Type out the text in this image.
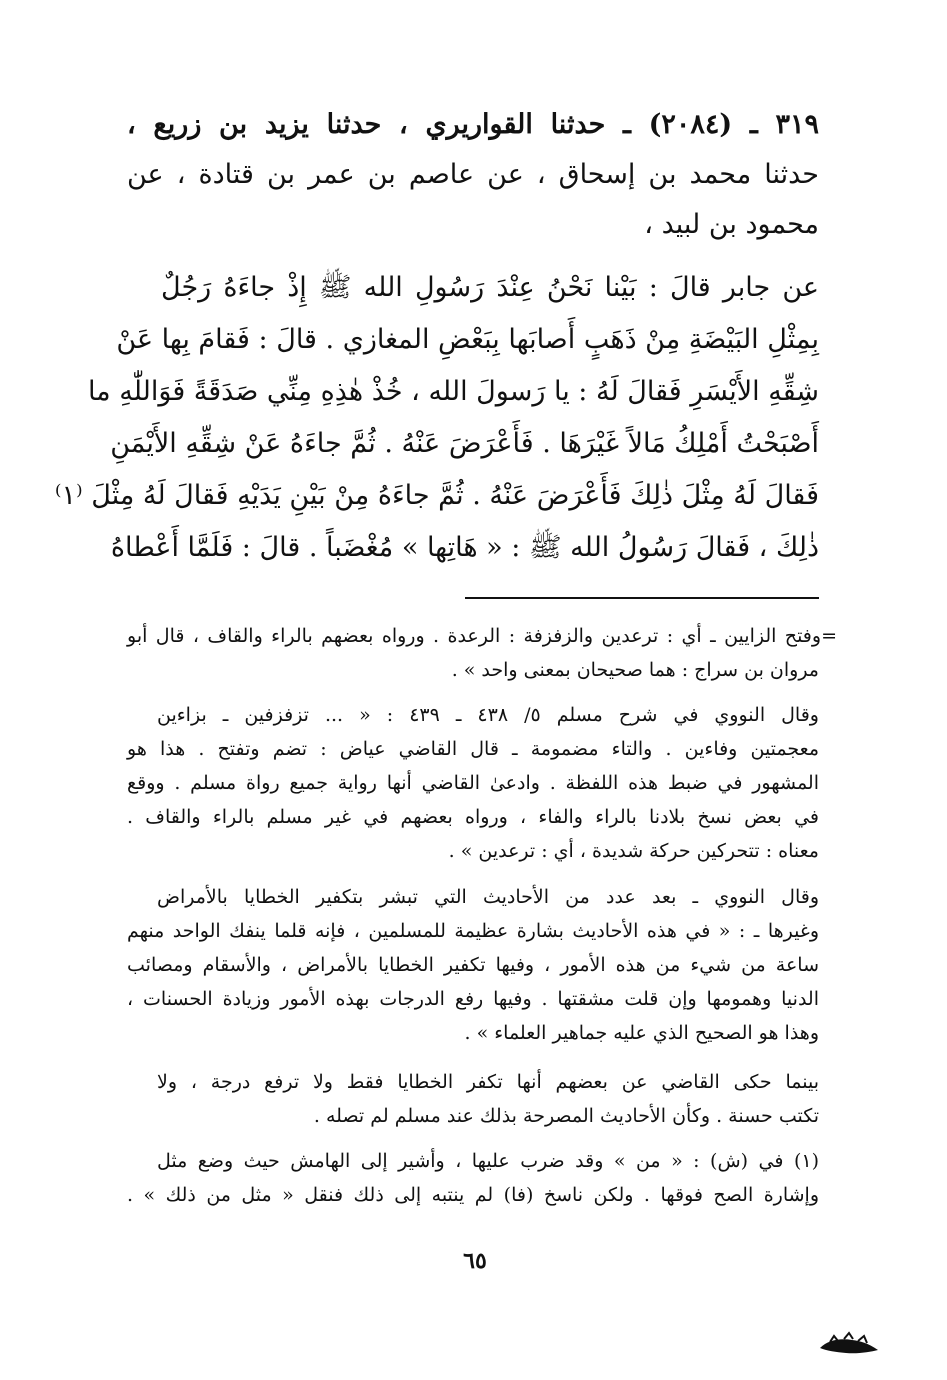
٣١٩ ـ (٢٠٨٤) ـ حدثنا القواريري ، حدثنا يزيد بن زريع ،
حدثنا محمد بن إسحاق ، عن عاصم بن عمر بن قتادة ، عن
محمود بن لبيد ،
عن جابر قالَ : بَيْنا نَحْنُ عِنْدَ رَسُولِ الله ﷺ إِذْ جاءَهُ رَجُلٌ
بِمِثْلِ البَيْضَةِ مِنْ ذَهَبٍ أَصابَها بِبَعْضِ المغازي . قالَ : فَقامَ بِها عَنْ
شِقِّهِ الأَيْسَرِ فَقالَ لَهُ : يا رَسولَ الله ، خُذْ هٰذِهِ مِنِّي صَدَقَةً فَوَاللّٰهِ ما
أَصْبَحْتُ أَمْلِكُ مَالاً غَيْرَهَا . فَأَعْرَضَ عَنْهُ . ثُمَّ جاءَهُ عَنْ شِقِّهِ الأَيْمَنِ
فَقالَ لَهُ مِثْلَ ذٰلِكَ فَأَعْرَضَ عَنْهُ . ثُمَّ جاءَهُ مِنْ بَيْنِ يَدَيْهِ فَقالَ لَهُ مِثْلَ ⁽١⁾
ذٰلِكَ ، فَقالَ رَسُولُ الله ﷺ : « هَاتِها » مُغْضَباً . قالَ : فَلَمَّا أَعْطاهُ
=وفتح الزايين ـ أي : ترعدين والزفزفة : الرعدة . ورواه بعضهم بالراء والقاف ، قال أبو
مروان بن سراج : هما صحيحان بمعنى واحد » .
وقال النووي في شرح مسلم ٥/ ٤٣٨ ـ ٤٣٩ : « ... تزفزفين ـ بزاءين
معجمتين وفاءين . والتاء مضمومة ـ قال القاضي عياض : تضم وتفتح . هذا هو
المشهور في ضبط هذه اللفظة . وادعىٰ القاضي أنها رواية جميع رواة مسلم . ووقع
في بعض نسخ بلادنا بالراء والفاء ، ورواه بعضهم في غير مسلم بالراء والقاف .
معناه : تتحركين حركة شديدة ، أي : ترعدين » .
وقال النووي ـ بعد عدد من الأحاديث التي تبشر بتكفير الخطايا بالأمراض
وغيرها ـ : « في هذه الأحاديث بشارة عظيمة للمسلمين ، فإنه قلما ينفك الواحد منهم
ساعة من شيء من هذه الأمور ، وفيها تكفير الخطايا بالأمراض ، والأسقام ومصائب
الدنيا وهمومها وإن قلت مشقتها . وفيها رفع الدرجات بهذه الأمور وزيادة الحسنات ،
وهذا هو الصحيح الذي عليه جماهير العلماء » .
بينما حكى القاضي عن بعضهم أنها تكفر الخطايا فقط ولا ترفع درجة ، ولا
تكتب حسنة . وكأن الأحاديث المصرحة بذلك عند مسلم لم تصله .
(١) في (ش) : « من » وقد ضرب عليها ، وأشير إلى الهامش حيث وضع مثل
وإشارة الصح فوقها . ولكن ناسخ (فا) لم ينتبه إلى ذلك فنقل « مثل من ذلك » .
٦٥
